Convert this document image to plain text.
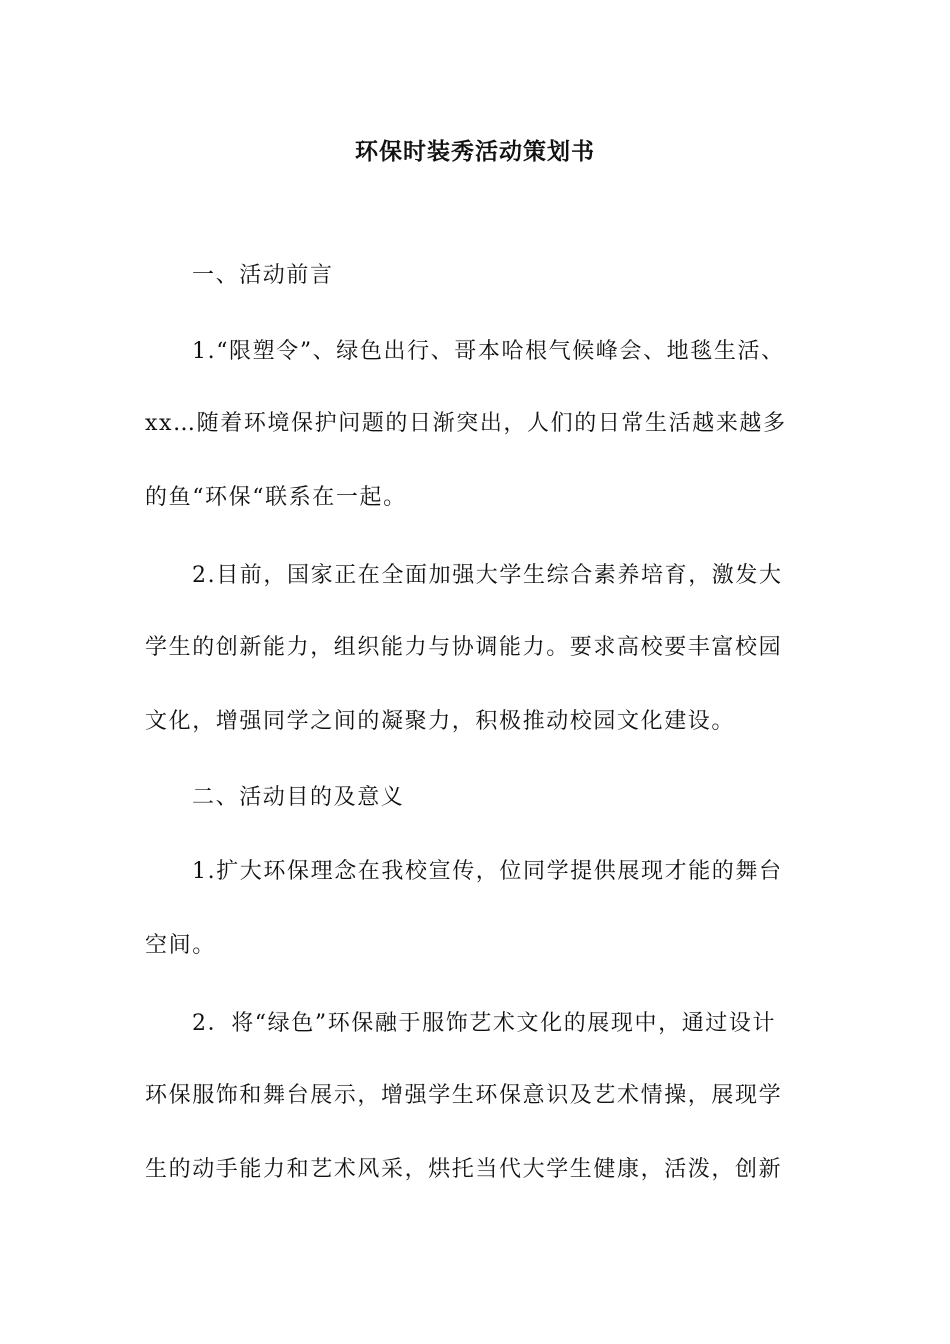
环保时装秀活动策划书
一、活动前言
1.“限塑令”、绿色出行、哥本哈根气候峰会、地毯生活、
xx…随着环境保护问题的日渐突出，人们的日常生活越来越多
的鱼“环保“联系在一起。
2.目前，国家正在全面加强大学生综合素养培育，激发大
学生的创新能力，组织能力与协调能力。要求高校要丰富校园
文化，增强同学之间的凝聚力，积极推动校园文化建设。
二、活动目的及意义
1.扩大环保理念在我校宣传，位同学提供展现才能的舞台
空间。
2．将“绿色”环保融于服饰艺术文化的展现中，通过设计
环保服饰和舞台展示，增强学生环保意识及艺术情操，展现学
生的动手能力和艺术风采，烘托当代大学生健康，活泼，创新
